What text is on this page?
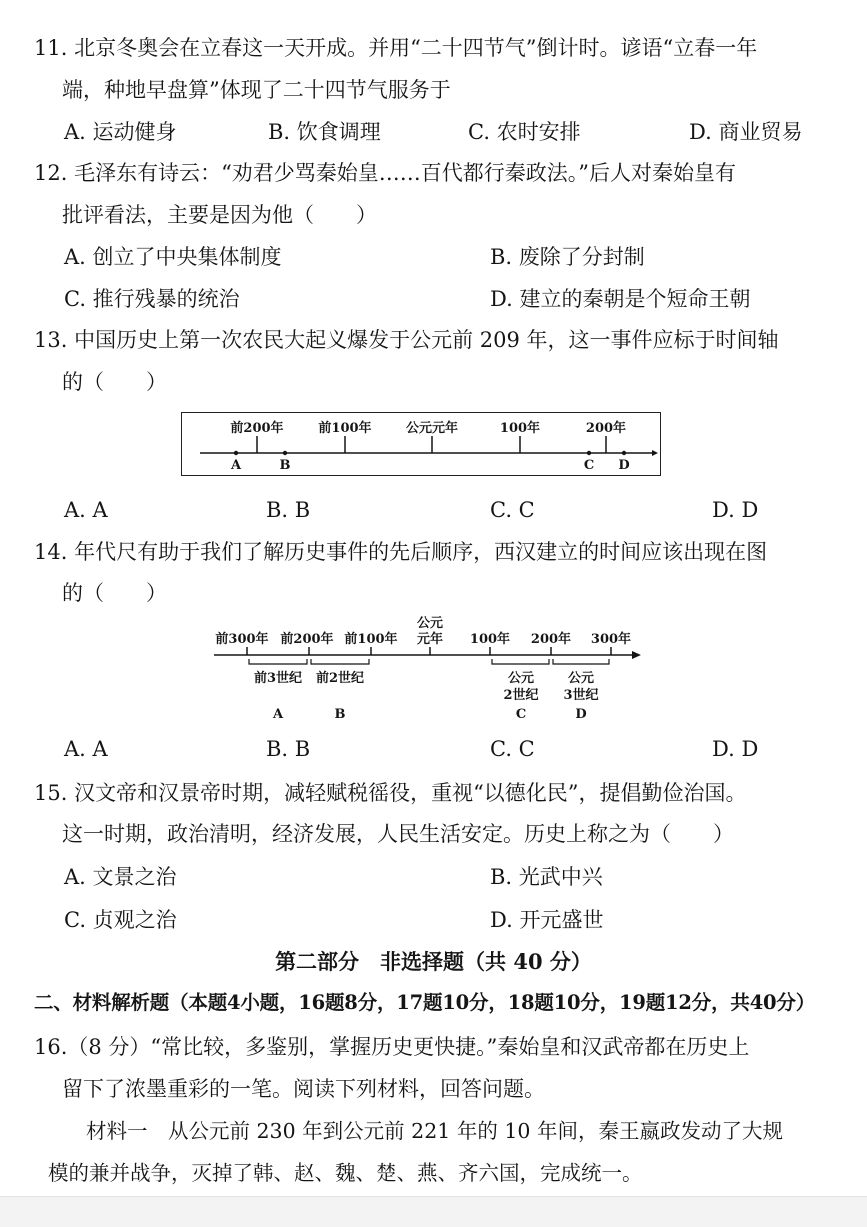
11. 北京冬奥会在立春这一天开成。并用“二十四节气”倒计时。谚语“立春一年
端，种地早盘算”体现了二十四节气服务于
A. 运动健身	B. 饮食调理	C. 农时安排	D. 商业贸易
12. 毛泽东有诗云：“劝君少骂秦始皇……百代都行秦政法。”后人对秦始皇有
批评看法，主要是因为他（　　）
A. 创立了中央集体制度	B. 废除了分封制
C. 推行残暴的统治	D. 建立的秦朝是个短命王朝
13. 中国历史上第一次农民大起义爆发于公元前 209 年，这一事件应标于时间轴
的（　　）
前200年	前100年	公元元年	100年	200年
A	B	C D
前300年 前200年 前100年
公元
元年 100年 200年 300年
前3世纪 前2世纪	公元
2世纪
公元
3世纪
A	B	C	D
A. A	B. B	C. C	D. D
14. 年代尺有助于我们了解历史事件的先后顺序，西汉建立的时间应该出现在图
的（　　）
A. A	B. B	C. C	D. D
15. 汉文帝和汉景帝时期，减轻赋税徭役，重视“以德化民”，提倡勤俭治国。
这一时期，政治清明，经济发展，人民生活安定。历史上称之为（　　）
A. 文景之治	B. 光武中兴
C. 贞观之治	D. 开元盛世
第二部分　非选择题（共 40 分）
二、材料解析题（本题4小题，16题8分，17题10分，18题10分，19题12分，共40分）
16.（8 分）“常比较，多鉴别，掌握历史更快捷。”秦始皇和汉武帝都在历史上
留下了浓墨重彩的一笔。阅读下列材料，回答问题。
材料一　从公元前 230 年到公元前 221 年的 10 年间，秦王嬴政发动了大规
模的兼并战争，灭掉了韩、赵、魏、楚、燕、齐六国，完成统一。
